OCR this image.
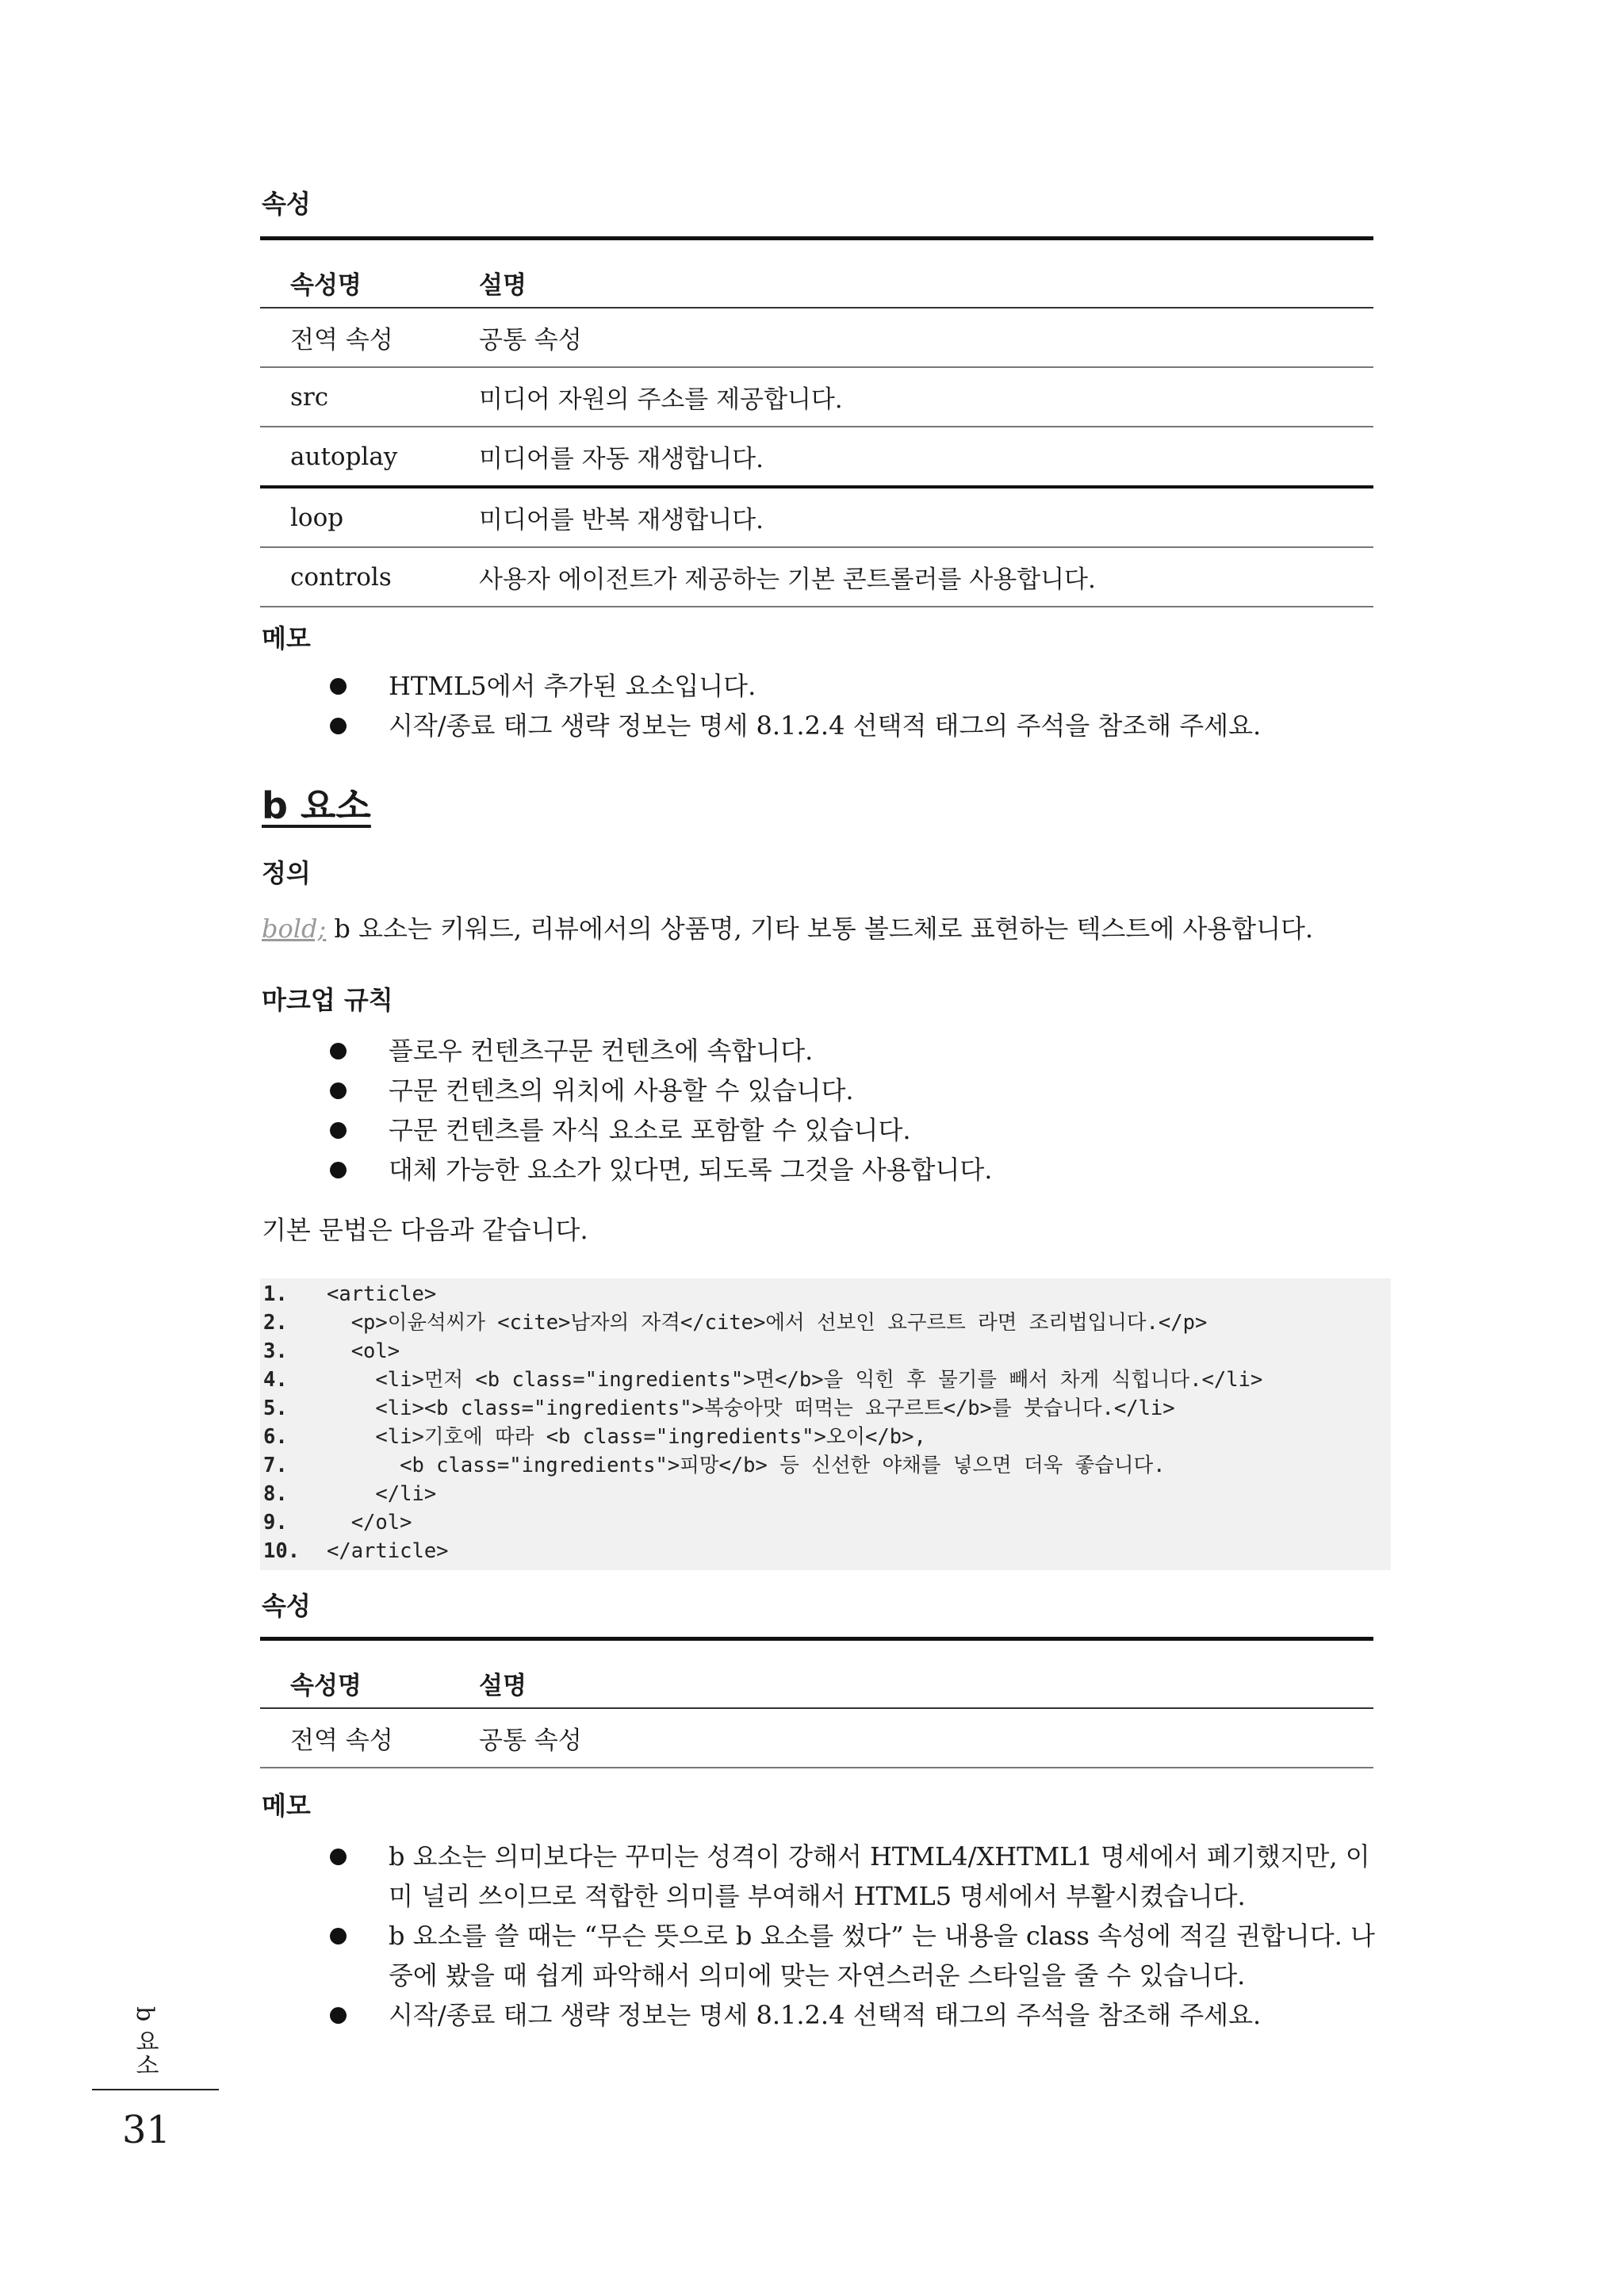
속성
속성명	설명
전역 속성	공통 속성
src	미디어 자원의 주소를 제공합니다.
autoplay	미디어를 자동 재생합니다.
loop	미디어를 반복 재생합니다.
controls	사용자 에이전트가 제공하는 기본 콘트롤러를 사용합니다.
메모
HTML5에서 추가된 요소입니다.
시작/종료 태그 생략 정보는 명세 8.1.2.4 선택적 태그의 주석을 참조해 주세요.
b 요소
정의
bold; b 요소는 키워드, 리뷰에서의 상품명, 기타 보통 볼드체로 표현하는 텍스트에 사용합니다.
마크업 규칙
플로우 컨텐츠구문 컨텐츠에 속합니다.
구문 컨텐츠의 위치에 사용할 수 있습니다.
구문 컨텐츠를 자식 요소로 포함할 수 있습니다.
대체 가능한 요소가 있다면, 되도록 그것을 사용합니다.
기본 문법은 다음과 같습니다.
1.	<article>
2.	<p>이윤석씨가 <cite>남자의 자격</cite>에서 선보인 요구르트 라면 조리법입니다.</p>
3.	<ol>
4.	<li>먼저 <b class="ingredients">면</b>을 익힌 후 물기를 빼서 차게 식힙니다.</li>
5.	<li><b class="ingredients">복숭아맛 떠먹는 요구르트</b>를 붓습니다.</li>
6.	<li>기호에 따라 <b class="ingredients">오이</b>,
7.	<b class="ingredients">피망</b> 등 신선한 야채를 넣으면 더욱 좋습니다.
8.	</li>
9.	</ol>
10.	</article>
속성
속성명	설명
전역 속성	공통 속성
메모
b 요소는 의미보다는 꾸미는 성격이 강해서 HTML4/XHTML1 명세에서 폐기했지만, 이미 널리 쓰이므로 적합한 의미를 부여해서 HTML5 명세에서 부활시켰습니다.
b 요소를 쓸 때는 “무슨 뜻으로 b 요소를 썼다” 는 내용을 class 속성에 적길 권합니다. 나중에 봤을 때 쉽게 파악해서 의미에 맞는 자연스러운 스타일을 줄 수 있습니다.
시작/종료 태그 생략 정보는 명세 8.1.2.4 선택적 태그의 주석을 참조해 주세요.
b 요소
31
